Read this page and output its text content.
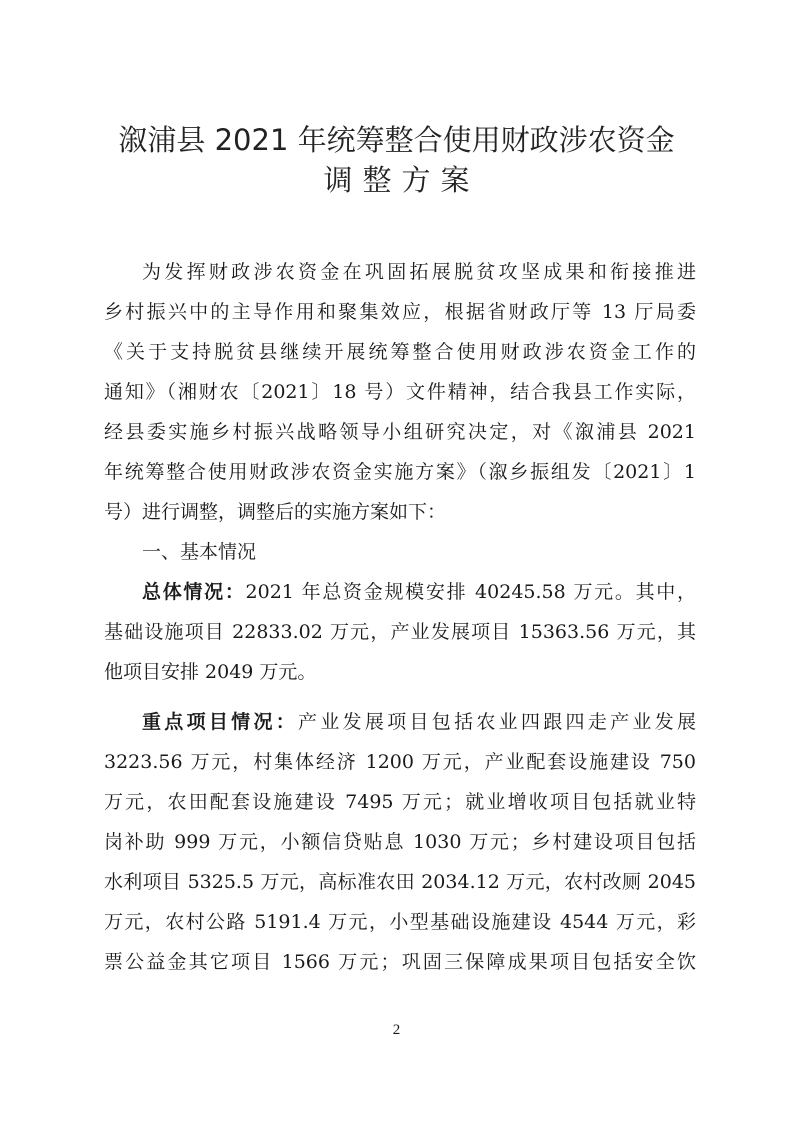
溆浦县 2021 年统筹整合使用财政涉农资金
调整方案
为发挥财政涉农资金在巩固拓展脱贫攻坚成果和衔接推进
乡村振兴中的主导作用和聚集效应，根据省财政厅等 13 厅局委
《关于支持脱贫县继续开展统筹整合使用财政涉农资金工作的
通知》（湘财农〔2021〕18 号）文件精神，结合我县工作实际，
经县委实施乡村振兴战略领导小组研究决定，对《溆浦县 2021
年统筹整合使用财政涉农资金实施方案》（溆乡振组发〔2021〕1
号）进行调整，调整后的实施方案如下：
一、基本情况
总体情况：2021 年总资金规模安排 40245.58 万元。其中，
基础设施项目 22833.02 万元，产业发展项目 15363.56 万元，其
他项目安排 2049 万元。
重点项目情况：产业发展项目包括农业四跟四走产业发展
3223.56 万元，村集体经济 1200 万元，产业配套设施建设 750
万元，农田配套设施建设 7495 万元；就业增收项目包括就业特
岗补助 999 万元，小额信贷贴息 1030 万元；乡村建设项目包括
水利项目 5325.5 万元，高标准农田 2034.12 万元，农村改厕 2045
万元，农村公路 5191.4 万元，小型基础设施建设 4544 万元，彩
票公益金其它项目 1566 万元；巩固三保障成果项目包括安全饮
2
